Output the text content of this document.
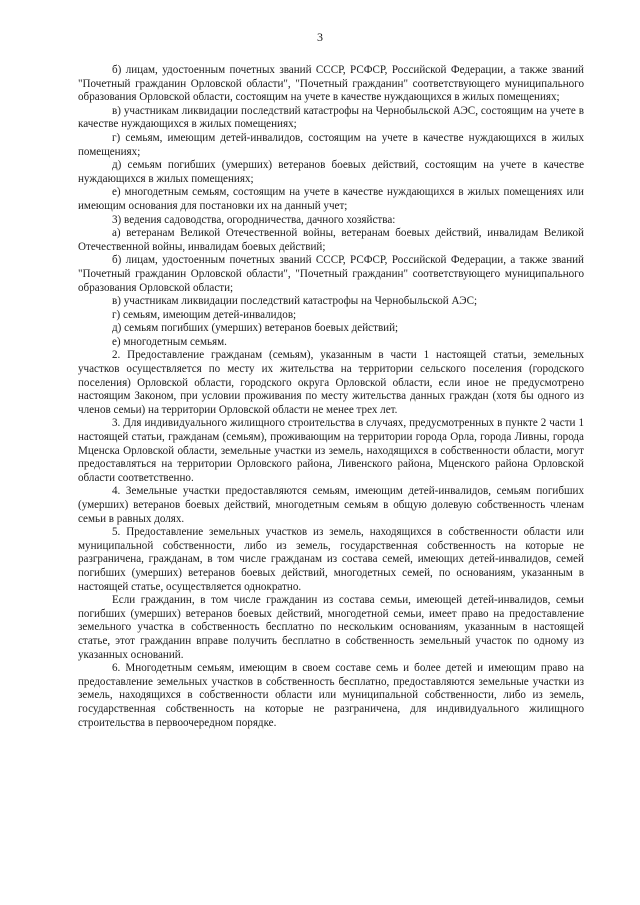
3

б) лицам, удостоенным почетных званий СССР, РСФСР, Российской Федерации, а также званий "Почетный гражданин Орловской области", "Почетный гражданин" соответствующего муниципального образования Орловской области, состоящим на учете в качестве нуждающихся в жилых помещениях;

в) участникам ликвидации последствий катастрофы на Чернобыльской АЭС, состоящим на учете в качестве нуждающихся в жилых помещениях;

г) семьям, имеющим детей-инвалидов, состоящим на учете в качестве нуждающихся в жилых помещениях;

д) семьям погибших (умерших) ветеранов боевых действий, состоящим на учете в качестве нуждающихся в жилых помещениях;

е) многодетным семьям, состоящим на учете в качестве нуждающихся в жилых помещениях или имеющим основания для постановки их на данный учет;

3) ведения садоводства, огородничества, дачного хозяйства:

а) ветеранам Великой Отечественной войны, ветеранам боевых действий, инвалидам Великой Отечественной войны, инвалидам боевых действий;

б) лицам, удостоенным почетных званий СССР, РСФСР, Российской Федерации, а также званий "Почетный гражданин Орловской области", "Почетный гражданин" соответствующего муниципального образования Орловской области;

в) участникам ликвидации последствий катастрофы на Чернобыльской АЭС;

г) семьям, имеющим детей-инвалидов;

д) семьям погибших (умерших) ветеранов боевых действий;

е) многодетным семьям.

2. Предоставление гражданам (семьям), указанным в части 1 настоящей статьи, земельных участков осуществляется по месту их жительства на территории сельского поселения (городского поселения) Орловской области, городского округа Орловской области, если иное не предусмотрено настоящим Законом, при условии проживания по месту жительства данных граждан (хотя бы одного из членов семьи) на территории Орловской области не менее трех лет.

3. Для индивидуального жилищного строительства в случаях, предусмотренных в пункте 2 части 1 настоящей статьи, гражданам (семьям), проживающим на территории города Орла, города Ливны, города Мценска Орловской области, земельные участки из земель, находящихся в собственности области, могут предоставляться на территории Орловского района, Ливенского района, Мценского района Орловской области соответственно.

4. Земельные участки предоставляются семьям, имеющим детей-инвалидов, семьям погибших (умерших) ветеранов боевых действий, многодетным семьям в общую долевую собственность членам семьи в равных долях.

5. Предоставление земельных участков из земель, находящихся в собственности области или муниципальной собственности, либо из земель, государственная собственность на которые не разграничена, гражданам, в том числе гражданам из состава семей, имеющих детей-инвалидов, семей погибших (умерших) ветеранов боевых действий, многодетных семей, по основаниям, указанным в настоящей статье, осуществляется однократно.

Если гражданин, в том числе гражданин из состава семьи, имеющей детей-инвалидов, семьи погибших (умерших) ветеранов боевых действий, многодетной семьи, имеет право на предоставление земельного участка в собственность бесплатно по нескольким основаниям, указанным в настоящей статье, этот гражданин вправе получить бесплатно в собственность земельный участок по одному из указанных оснований.

6. Многодетным семьям, имеющим в своем составе семь и более детей и имеющим право на предоставление земельных участков в собственность бесплатно, предоставляются земельные участки из земель, находящихся в собственности области или муниципальной собственности, либо из земель, государственная собственность на которые не разграничена, для индивидуального жилищного строительства в первоочередном порядке.
